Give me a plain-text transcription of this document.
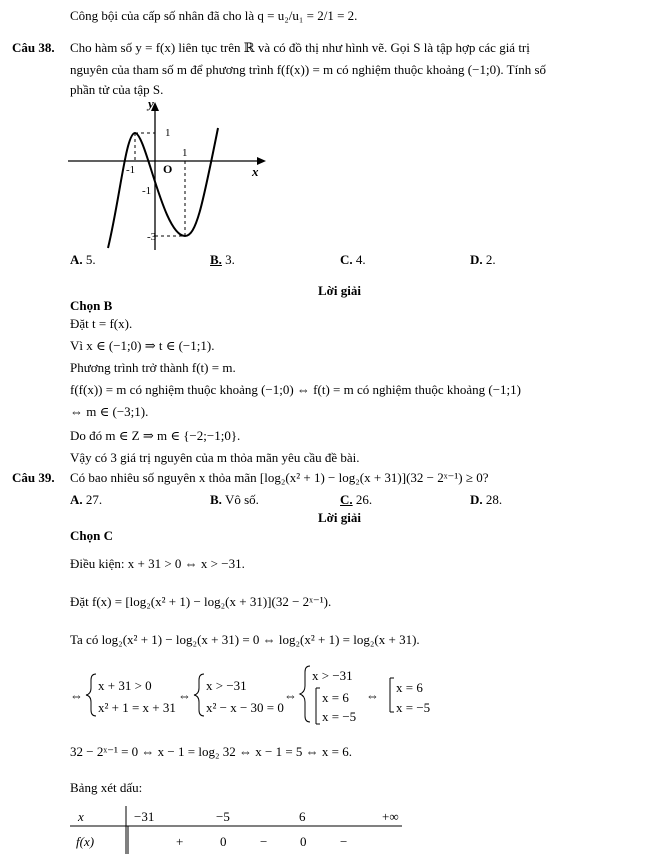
Công bội của cấp số nhân đã cho là q = u₂/u₁ = 2/1 = 2.
Câu 38. Cho hàm số y = f(x) liên tục trên ℝ và có đồ thị như hình vẽ. Gọi S là tập hợp các giá trị
nguyên của tham số m để phương trình f(f(x)) = m có nghiệm thuộc khoảng (−1;0). Tính số
phần tử của tập S.
y
x
O
-1
1
1
-1
-3
A. 5.	B. 3.	C. 4.	D. 2.
Lời giải
Chọn B
Đặt t = f(x).
Vì x ∈ (−1;0) ⇒ t ∈ (−1;1).
Phương trình trở thành f(t) = m.
f(f(x)) = m có nghiệm thuộc khoảng (−1;0) ⇔ f(t) = m có nghiệm thuộc khoảng (−1;1)
⇔ m ∈ (−3;1).
Do đó m ∈ Z ⇒ m ∈ {−2;−1;0}.
Vậy có 3 giá trị nguyên của m thỏa mãn yêu cầu đề bài.
Câu 39. Có bao nhiêu số nguyên x thỏa mãn [log₂(x² + 1) − log₂(x + 31)](32 − 2ˣ⁻¹) ≥ 0?
A. 27.	B. Vô số.	C. 26.	D. 28.
Lời giải
Chọn C
Điều kiện: x + 31 > 0 ⇔ x > −31.
Đặt f(x) = [log₂(x² + 1) − log₂(x + 31)](32 − 2ˣ⁻¹).
Ta có log₂(x² + 1) − log₂(x + 31) = 0 ⇔ log₂(x² + 1) = log₂(x + 31).
⇔
x + 31 > 0
x² + 1 = x + 31
⇔
x > −31
x² − x − 30 = 0
⇔
x > −31
x = 6
x = −5
⇔
x = 6
x = −5
32 − 2ˣ⁻¹ = 0 ⇔ x − 1 = log₂ 32 ⇔ x − 1 = 5 ⇔ x = 6.
Bảng xét dấu:
x
f(x)
−31	−5	6	+∞
+	0	−	0	−
